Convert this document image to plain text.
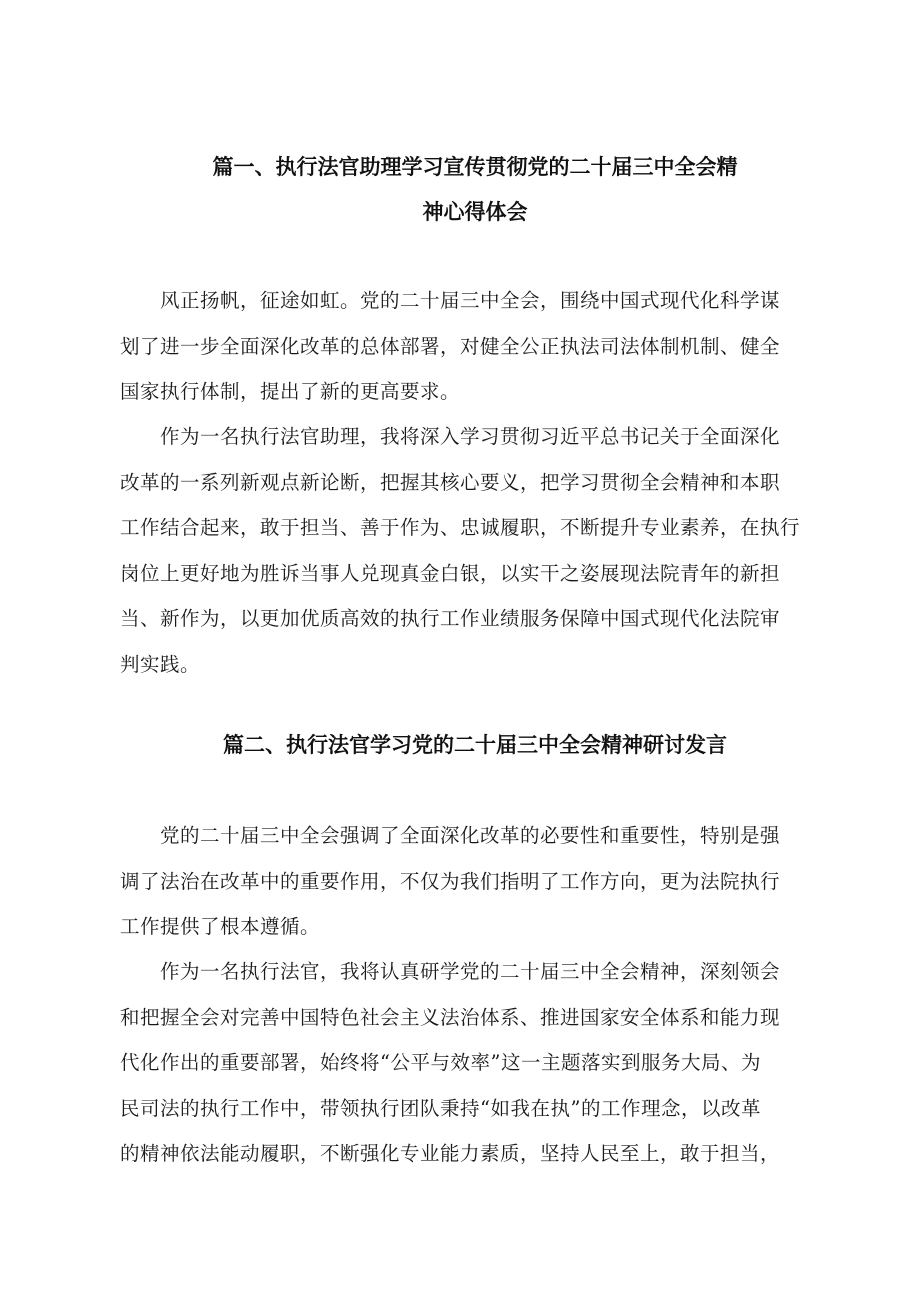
篇一、执行法官助理学习宣传贯彻党的二十届三中全会精
神心得体会
风正扬帆，征途如虹。党的二十届三中全会，围绕中国式现代化科学谋
划了进一步全面深化改革的总体部署，对健全公正执法司法体制机制、健全
国家执行体制，提出了新的更高要求。
作为一名执行法官助理，我将深入学习贯彻习近平总书记关于全面深化
改革的一系列新观点新论断，把握其核心要义，把学习贯彻全会精神和本职
工作结合起来，敢于担当、善于作为、忠诚履职，不断提升专业素养，在执行
岗位上更好地为胜诉当事人兑现真金白银，以实干之姿展现法院青年的新担
当、新作为，以更加优质高效的执行工作业绩服务保障中国式现代化法院审
判实践。
篇二、执行法官学习党的二十届三中全会精神研讨发言
党的二十届三中全会强调了全面深化改革的必要性和重要性，特别是强
调了法治在改革中的重要作用，不仅为我们指明了工作方向，更为法院执行
工作提供了根本遵循。
作为一名执行法官，我将认真研学党的二十届三中全会精神，深刻领会
和把握全会对完善中国特色社会主义法治体系、推进国家安全体系和能力现
代化作出的重要部署，始终将“公平与效率”这一主题落实到服务大局、为
民司法的执行工作中，带领执行团队秉持“如我在执”的工作理念，以改革
的精神依法能动履职，不断强化专业能力素质，坚持人民至上，敢于担当，
